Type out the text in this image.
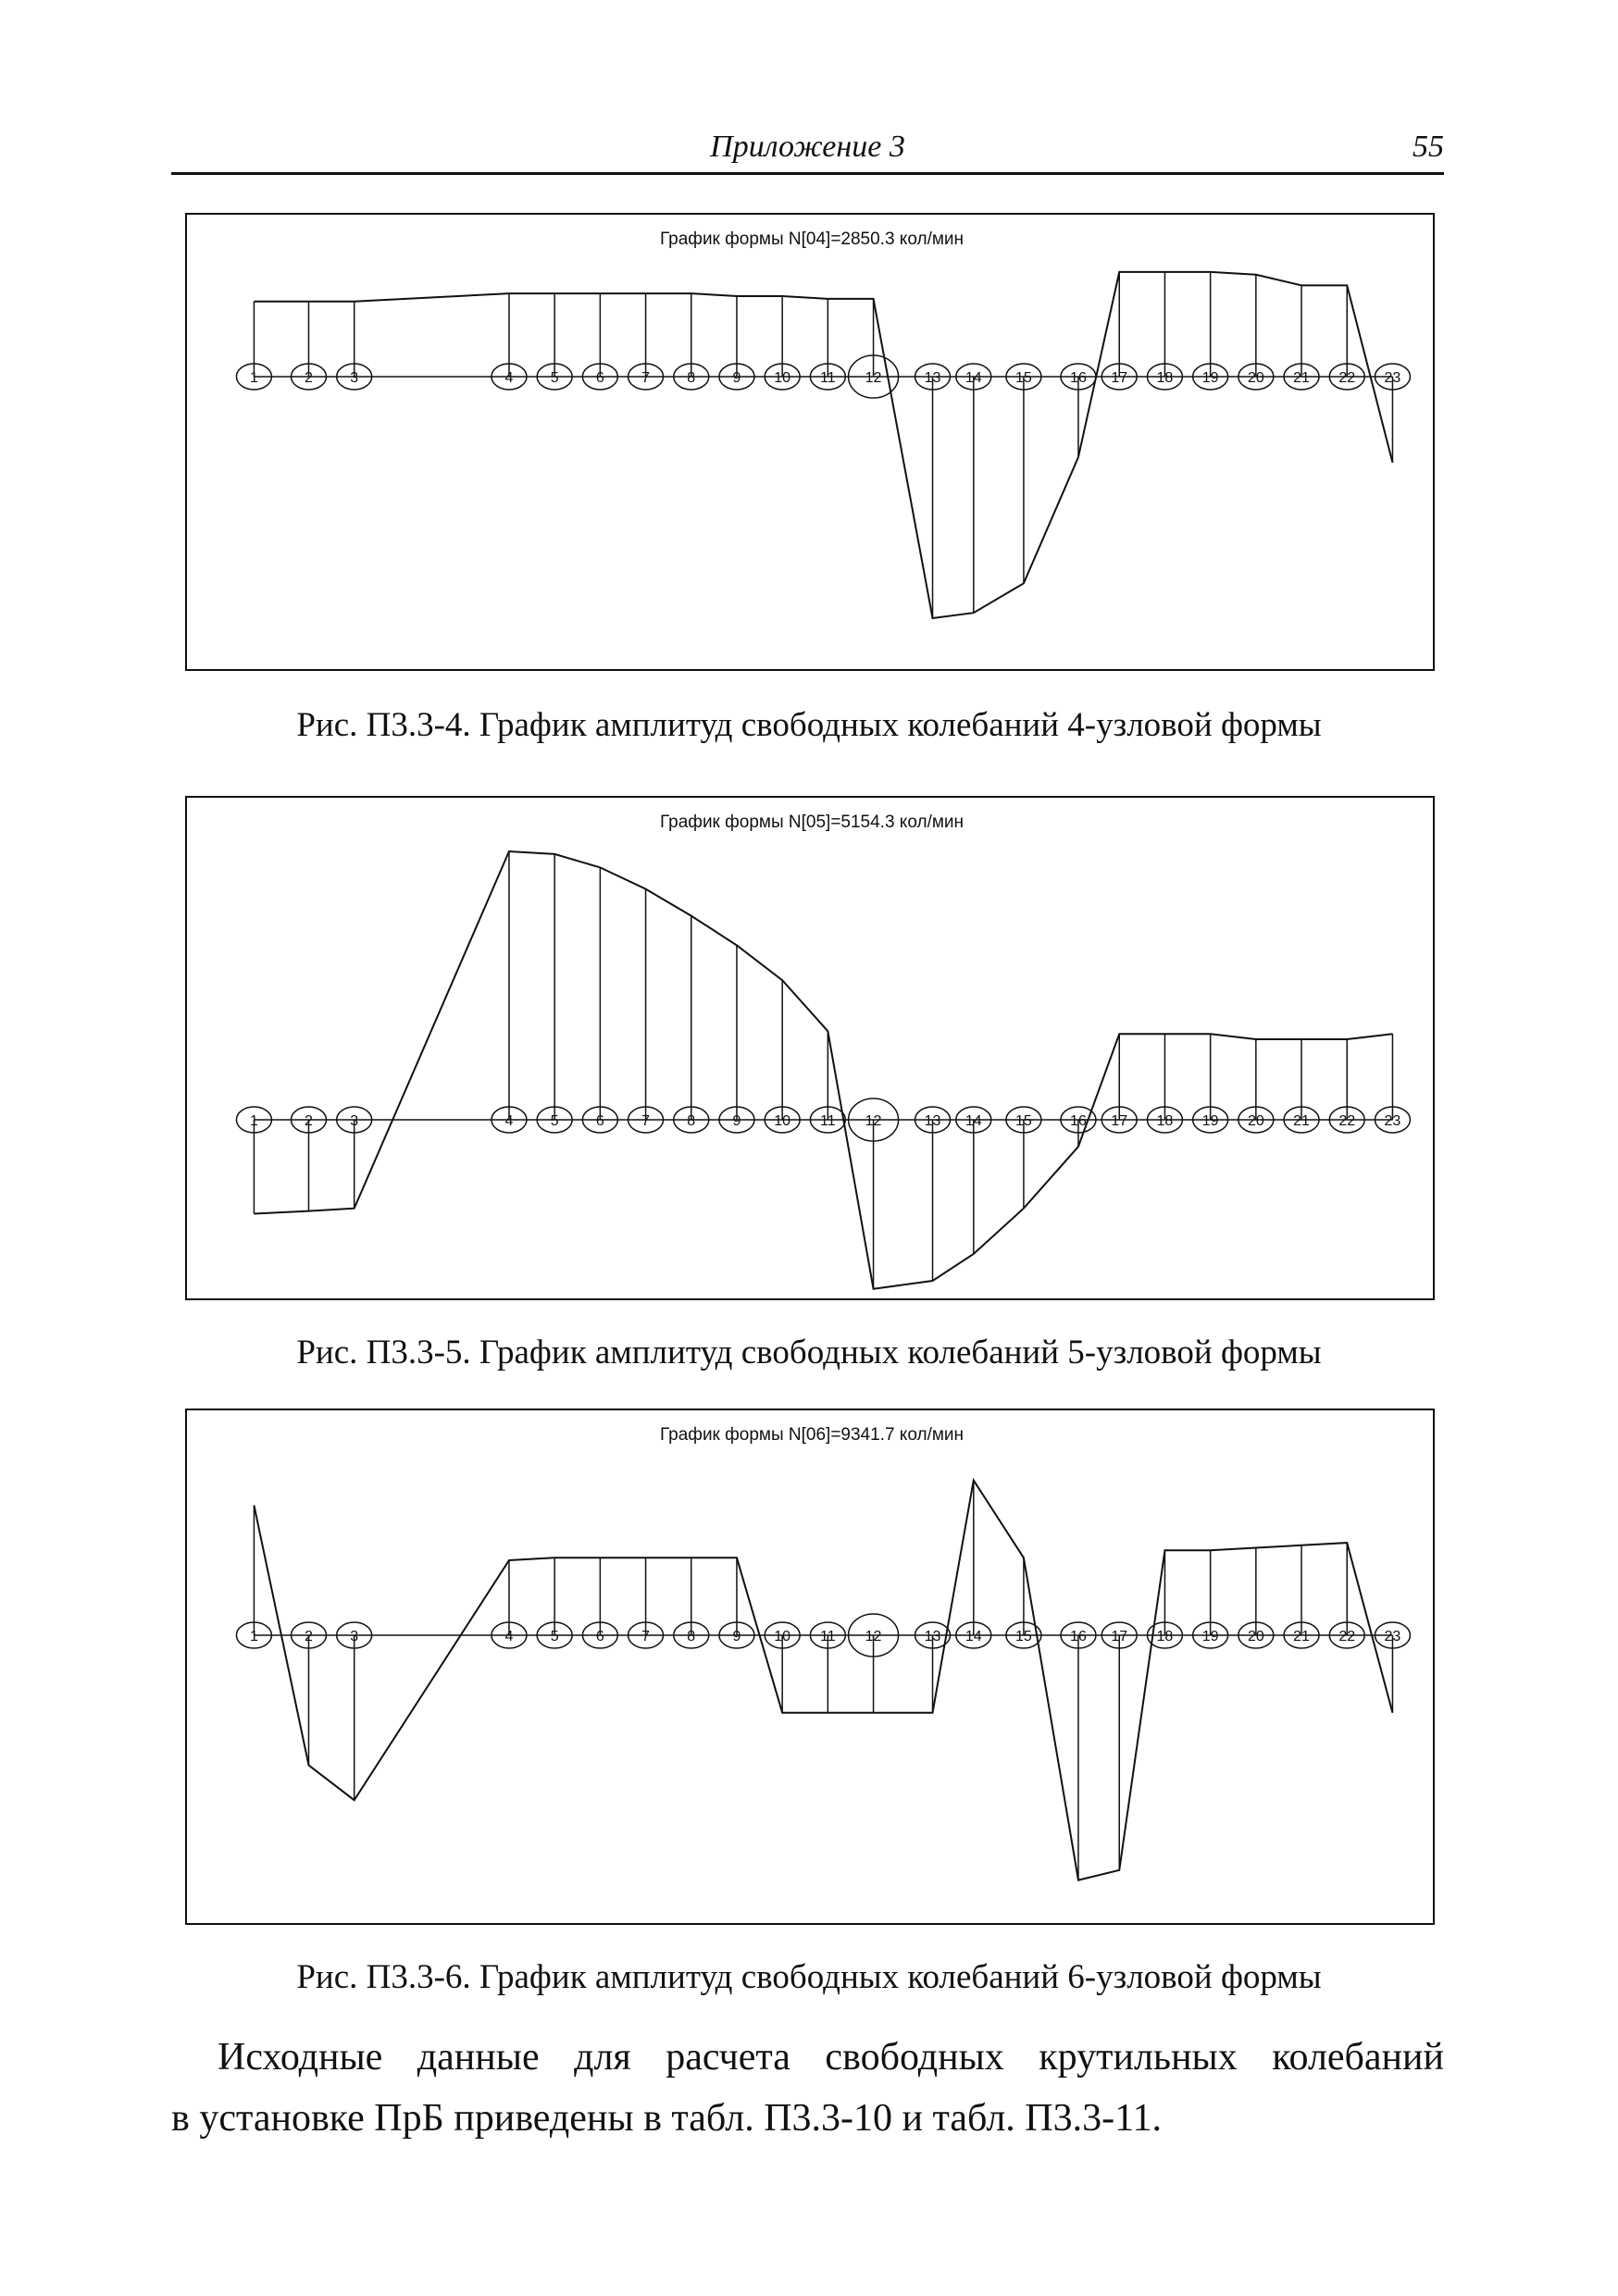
Приложение 3	55
График формы N[04]=2850.3 кол/мин
1	2	3	4	5	6	7	8	9 10 11 12	13 14 15	16 17 18 19 20 21 22 23
Рис. П3.3-4. График амплитуд свободных колебаний 4-узловой формы
График формы N[05]=5154.3 кол/мин
1	2	3	4	5	6	7	8	9 10 11 12	13 14 15	16 17 18 19 20 21 22 23
Рис. П3.3-5. График амплитуд свободных колебаний 5-узловой формы
График формы N[06]=9341.7 кол/мин
1	2	3	4	5	6	7	8	9 10 11 12	13 14 15	16 17 18 19 20 21 22 23
Рис. П3.3-6. График амплитуд свободных колебаний 6-узловой формы
Исходные данные для расчета свободных крутильных колебаний
в установке ПрБ приведены в табл. П3.3-10 и табл. П3.3-11.
